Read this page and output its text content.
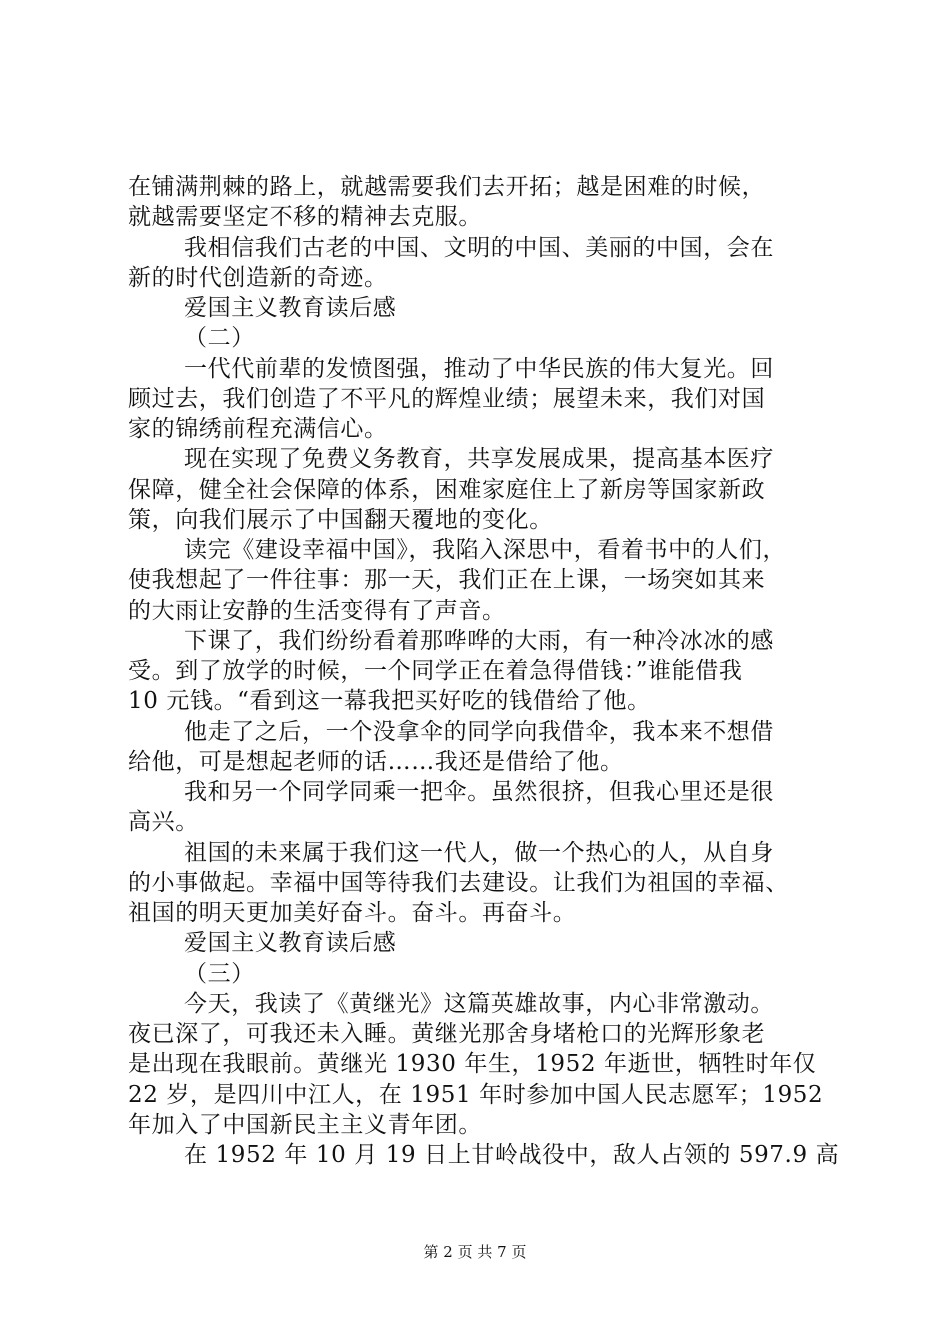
在铺满荆棘的路上，就越需要我们去开拓；越是困难的时候，
就越需要坚定不移的精神去克服。
我相信我们古老的中国、文明的中国、美丽的中国，会在
新的时代创造新的奇迹。
爱国主义教育读后感
（二）
一代代前辈的发愤图强，推动了中华民族的伟大复光。回
顾过去，我们创造了不平凡的辉煌业绩；展望未来，我们对国
家的锦绣前程充满信心。
现在实现了免费义务教育，共享发展成果，提高基本医疗
保障，健全社会保障的体系，困难家庭住上了新房等国家新政
策，向我们展示了中国翻天覆地的变化。
读完《建设幸福中国》，我陷入深思中，看着书中的人们，
使我想起了一件往事：那一天，我们正在上课，一场突如其来
的大雨让安静的生活变得有了声音。
下课了，我们纷纷看着那哗哗的大雨，有一种冷冰冰的感
受。到了放学的时候，一个同学正在着急得借钱：”谁能借我
10 元钱。“看到这一幕我把买好吃的钱借给了他。
他走了之后，一个没拿伞的同学向我借伞，我本来不想借
给他，可是想起老师的话……我还是借给了他。
我和另一个同学同乘一把伞。虽然很挤，但我心里还是很
高兴。
祖国的未来属于我们这一代人，做一个热心的人，从自身
的小事做起。幸福中国等待我们去建设。让我们为祖国的幸福、
祖国的明天更加美好奋斗。奋斗。再奋斗。
爱国主义教育读后感
（三）
今天，我读了《黄继光》这篇英雄故事，内心非常激动。
夜已深了，可我还未入睡。黄继光那舍身堵枪口的光辉形象老
是出现在我眼前。黄继光 1930 年生，1952 年逝世，牺牲时年仅
22 岁，是四川中江人，在 1951 年时参加中国人民志愿军；1952
年加入了中国新民主主义青年团。
在 1952 年 10 月 19 日上甘岭战役中，敌人占领的 597.9 高
第 2 页 共 7 页
